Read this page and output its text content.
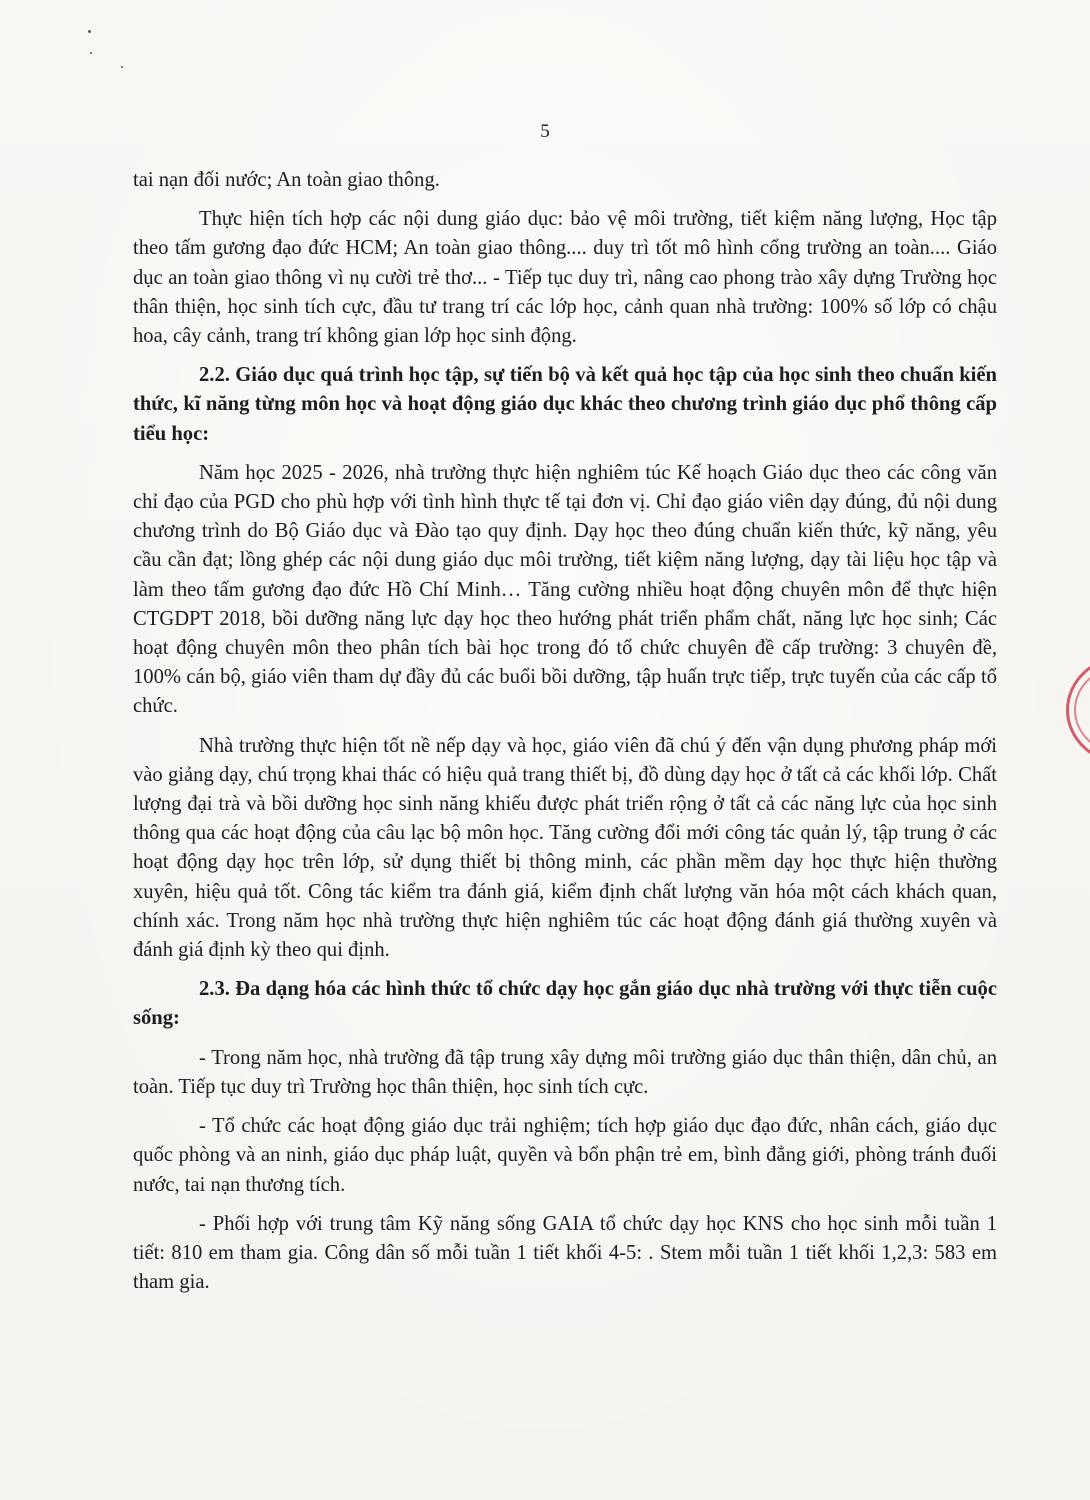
5

tai nạn đối nước; An toàn giao thông.

Thực hiện tích hợp các nội dung giáo dục: bảo vệ môi trường, tiết kiệm năng lượng, Học tập theo tấm gương đạo đức HCM; An toàn giao thông.... duy trì tốt mô hình cổng trường an toàn.... Giáo dục an toàn giao thông vì nụ cười trẻ thơ... - Tiếp tục duy trì, nâng cao phong trào xây dựng Trường học thân thiện, học sinh tích cực, đầu tư trang trí các lớp học, cảnh quan nhà trường: 100% số lớp có chậu hoa, cây cảnh, trang trí không gian lớp học sinh động.

2.2. Giáo dục quá trình học tập, sự tiến bộ và kết quả học tập của học sinh theo chuẩn kiến thức, kĩ năng từng môn học và hoạt động giáo dục khác theo chương trình giáo dục phổ thông cấp tiểu học:

Năm học 2025 - 2026, nhà trường thực hiện nghiêm túc Kế hoạch Giáo dục theo các công văn chỉ đạo của PGD cho phù hợp với tình hình thực tế tại đơn vị. Chỉ đạo giáo viên dạy đúng, đủ nội dung chương trình do Bộ Giáo dục và Đào tạo quy định. Dạy học theo đúng chuẩn kiến thức, kỹ năng, yêu cầu cần đạt; lồng ghép các nội dung giáo dục môi trường, tiết kiệm năng lượng, dạy tài liệu học tập và làm theo tấm gương đạo đức Hồ Chí Minh… Tăng cường nhiều hoạt động chuyên môn để thực hiện CTGDPT 2018, bồi dưỡng năng lực dạy học theo hướng phát triển phẩm chất, năng lực học sinh; Các hoạt động chuyên môn theo phân tích bài học trong đó tổ chức chuyên đề cấp trường: 3 chuyên đề, 100% cán bộ, giáo viên tham dự đầy đủ các buổi bồi dưỡng, tập huấn trực tiếp, trực tuyến của các cấp tổ chức.

Nhà trường thực hiện tốt nề nếp dạy và học, giáo viên đã chú ý đến vận dụng phương pháp mới vào giảng dạy, chú trọng khai thác có hiệu quả trang thiết bị, đồ dùng dạy học ở tất cả các khối lớp. Chất lượng đại trà và bồi dưỡng học sinh năng khiếu được phát triển rộng ở tất cả các năng lực của học sinh thông qua các hoạt động của câu lạc bộ môn học. Tăng cường đổi mới công tác quản lý, tập trung ở các hoạt động dạy học trên lớp, sử dụng thiết bị thông minh, các phần mềm dạy học thực hiện thường xuyên, hiệu quả tốt. Công tác kiểm tra đánh giá, kiểm định chất lượng văn hóa một cách khách quan, chính xác. Trong năm học nhà trường thực hiện nghiêm túc các hoạt động đánh giá thường xuyên và đánh giá định kỳ theo qui định.

2.3. Đa dạng hóa các hình thức tổ chức dạy học gắn giáo dục nhà trường với thực tiễn cuộc sống:

- Trong năm học, nhà trường đã tập trung xây dựng môi trường giáo dục thân thiện, dân chủ, an toàn. Tiếp tục duy trì Trường học thân thiện, học sinh tích cực.

- Tổ chức các hoạt động giáo dục trải nghiệm; tích hợp giáo dục đạo đức, nhân cách, giáo dục quốc phòng và an ninh, giáo dục pháp luật, quyền và bổn phận trẻ em, bình đẳng giới, phòng tránh đuối nước, tai nạn thương tích.

- Phối hợp với trung tâm Kỹ năng sống GAIA tổ chức dạy học KNS cho học sinh mỗi tuần 1 tiết: 810 em tham gia. Công dân số mỗi tuần 1 tiết khối 4-5: . Stem mỗi tuần 1 tiết khối 1,2,3: 583 em tham gia.
